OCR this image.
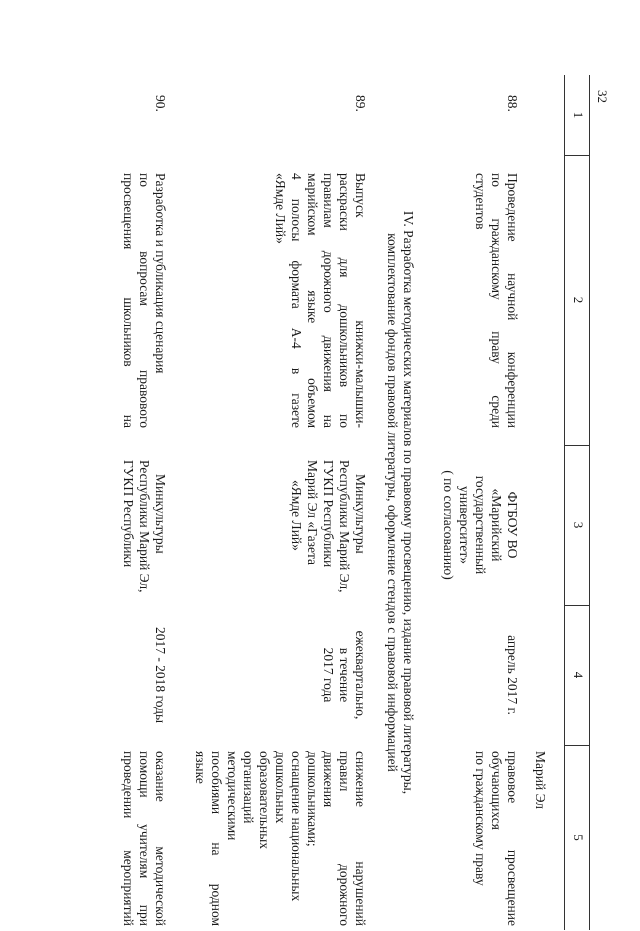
32
1
2
3
4
5
Марий Эл
88.
Проведение научной конференции
по гражданскому праву среди
студентов
ФГБОУ ВО
«Марийский
государственный
университет»
( по согласованию)
апрель 2017 г.
правовое просвещение
обучающихся
по гражданскому праву
IV. Разработка методических материалов по правовому просвещению, издание правовой литературы,
комплектование фондов правовой литературы, оформление стендов с правовой информацией
89.
Выпуск книжки-малышки-
раскраски для дошкольников по
правилам дорожного движения на
марийском языке объемом
4 полосы формата А-4 в газете
«Ямде Лий»
Минкультуры
Республики Марий Эл,
ГУКП Республики
Марий Эл «Газета
«Ямде Лий»
ежеквартально,
в течение
2017 года
снижение нарушений
правил дорожного
движения
дошкольниками;
оснащение национальных
дошкольных
образовательных
организаций
методическими
пособиями на родном
языке
90.
Разработка и публикация сценария
по вопросам правового
просвещения школьников на
Минкультуры
Республики Марий Эл,
ГУКП Республики
2017 - 2018 годы
оказание методической
помощи учителям при
проведении мероприятий
